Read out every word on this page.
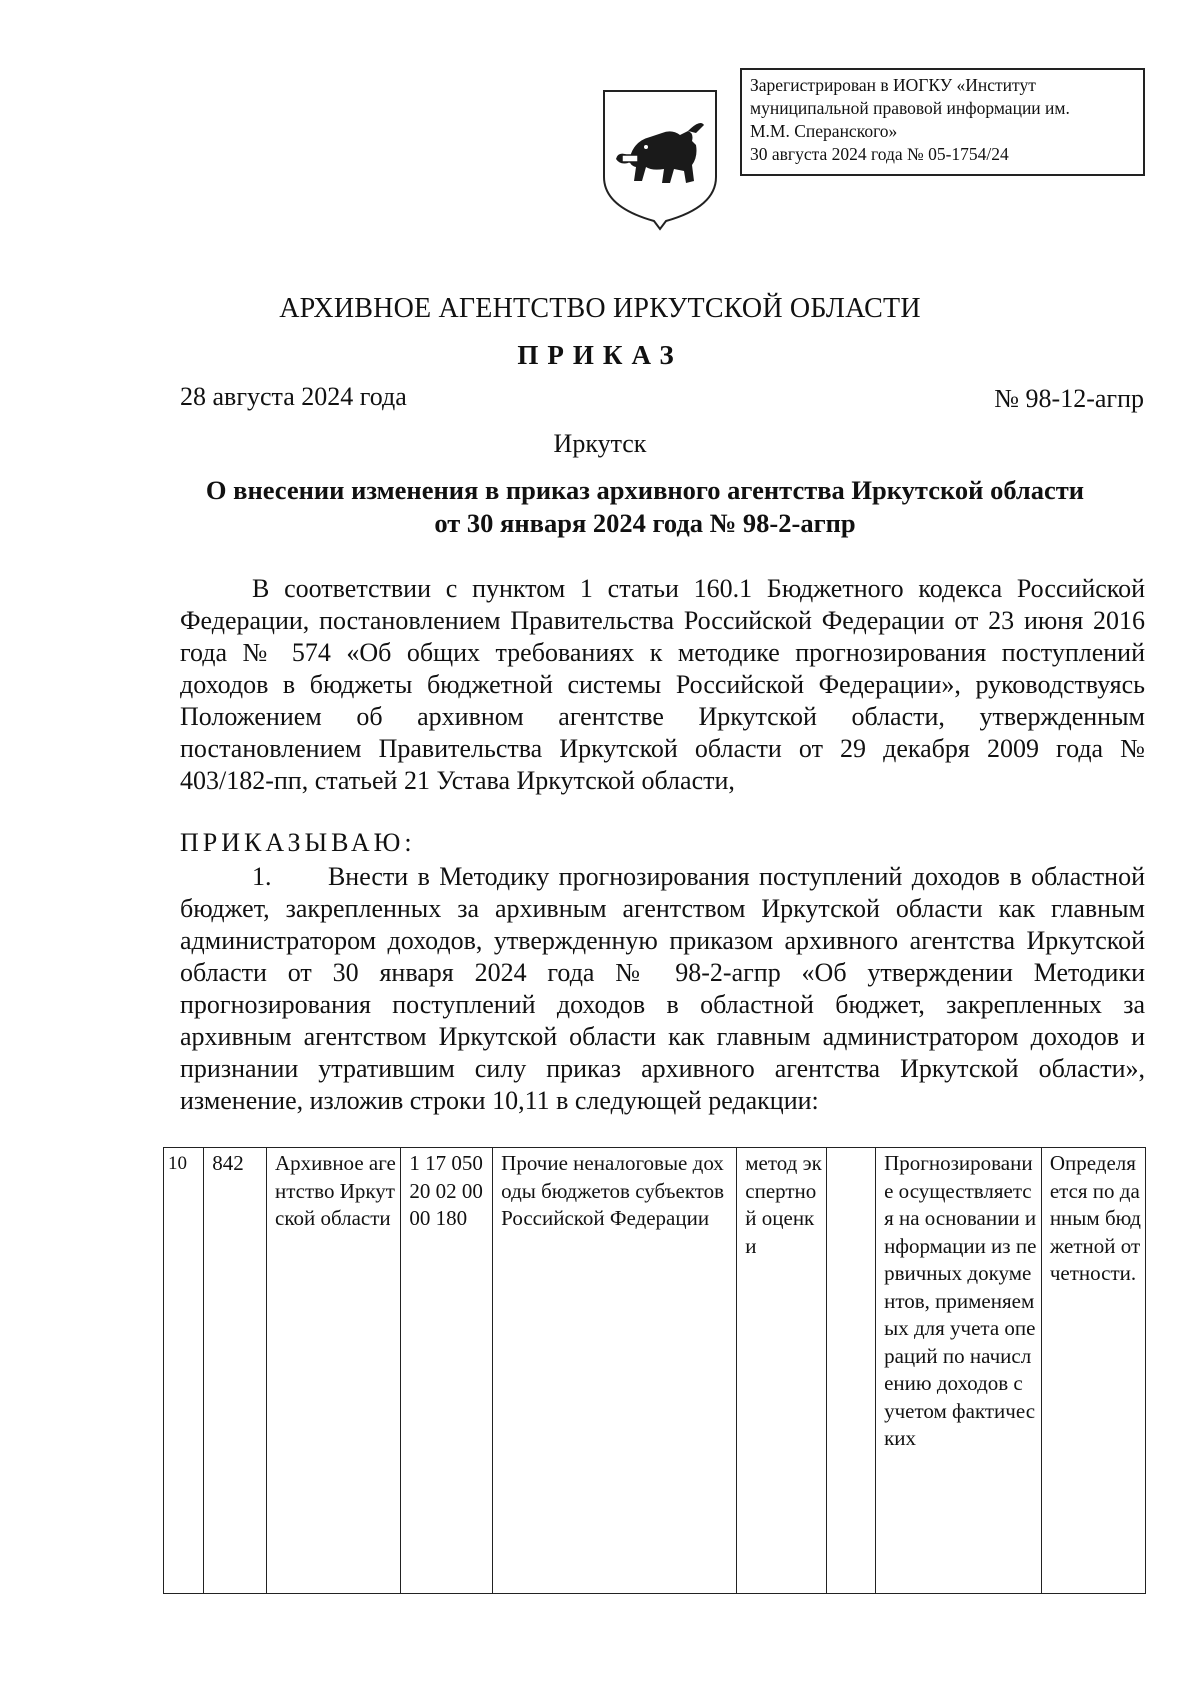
Зарегистрирован в ИОГКУ «Институт
муниципальной правовой информации им.
М.М. Сперанского»
30 августа 2024 года № 05-1754/24
АРХИВНОЕ АГЕНТСТВО ИРКУТСКОЙ ОБЛАСТИ
ПРИКАЗ
28 августа 2024 года	№ 98-12-агпр
Иркутск
О внесении изменения в приказ архивного агентства Иркутской области
от 30 января 2024 года № 98-2-агпр
В соответствии с пунктом 1 статьи 160.1 Бюджетного кодекса Российской Федерации, постановлением Правительства Российской Федерации от 23 июня 2016 года № 574 «Об общих требованиях к методике прогнозирования поступлений доходов в бюджеты бюджетной системы Российской Федерации», руководствуясь Положением об архивном агентстве Иркутской области, утвержденным постановлением Правительства Иркутской области от 29 декабря 2009 года № 403/182-пп, статьей 21 Устава Иркутской области,
ПРИКАЗЫВАЮ:
1.      Внести в Методику прогнозирования поступлений доходов в областной бюджет, закрепленных за архивным агентством Иркутской области как главным администратором доходов, утвержденную приказом архивного агентства Иркутской области от 30 января 2024 года № 98-2-агпр «Об утверждении Методики прогнозирования поступлений доходов в областной бюджет, закрепленных за архивным агентством Иркутской области как главным администратором доходов и признании утратившим силу приказ архивного агентства Иркутской области», изменение, изложив строки 10,11 в следующей редакции:
10	842	Архивное агентство Иркутской области	1 17 05020 02 00 00 180	Прочие неналоговые доходы бюджетов субъектов Российской Федерации	метод экспертной оценки		Прогнозирование осуществляется на основании информации из первичных документов, применяемых для учета операций по начислению доходов с учетом фактических	Определяется по данным бюджетной отчетности.
